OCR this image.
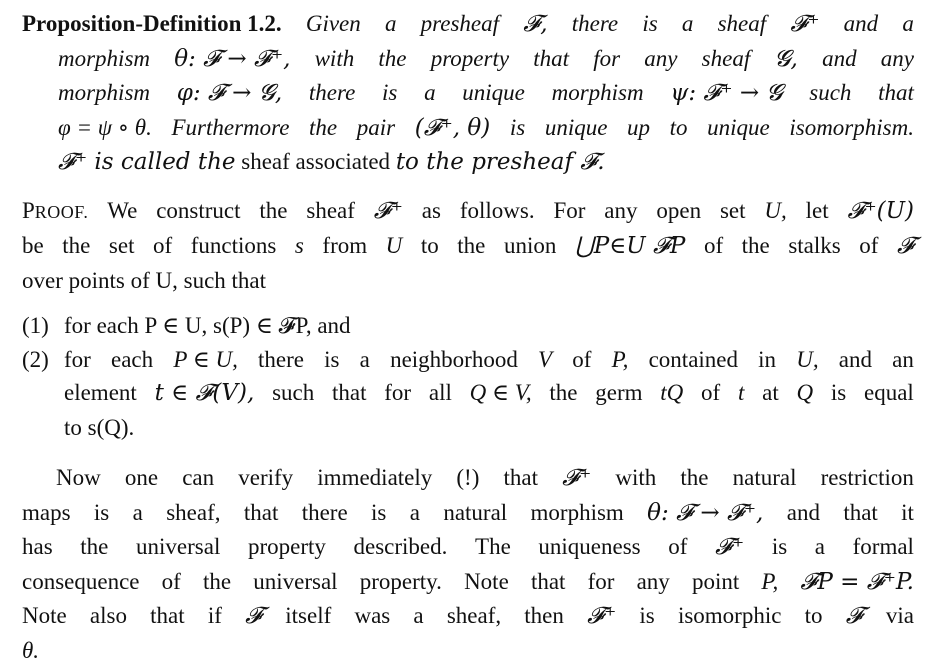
Proposition-Definition 1.2. Given a presheaf 𝓕, there is a sheaf 𝓕⁺ and a
morphism θ: 𝓕 → 𝓕⁺, with the property that for any sheaf 𝓖, and any
morphism φ: 𝓕 → 𝓖, there is a unique morphism ψ: 𝓕⁺ → 𝓖 such that
φ = ψ ∘ θ. Furthermore the pair (𝓕⁺, θ) is unique up to unique isomorphism.
𝓕⁺ is called the
sheaf associated
to the presheaf 𝓕.
PROOF. We construct the sheaf 𝓕⁺ as follows. For any open set U, let 𝓕⁺(U)
be the set of functions s from U to the union ⋃P∈U 𝓕P of the stalks of 𝓕
over points of U, such that
(1) for each P ∈ U, s(P) ∈ 𝓕P, and
(2) for each P ∈ U, there is a neighborhood V of P, contained in U, and an
element t ∈ 𝓕(V), such that for all Q ∈ V, the germ tQ of t at Q is equal
to s(Q).
Now one can verify immediately (!) that 𝓕⁺ with the natural restriction
maps is a sheaf, that there is a natural morphism θ: 𝓕 → 𝓕⁺, and that it
has the universal property described. The uniqueness of 𝓕⁺ is a formal
consequence of the universal property. Note that for any point P, 𝓕P = 𝓕⁺P.
Note also that if 𝓕 itself was a sheaf, then 𝓕⁺ is isomorphic to 𝓕 via
θ.
